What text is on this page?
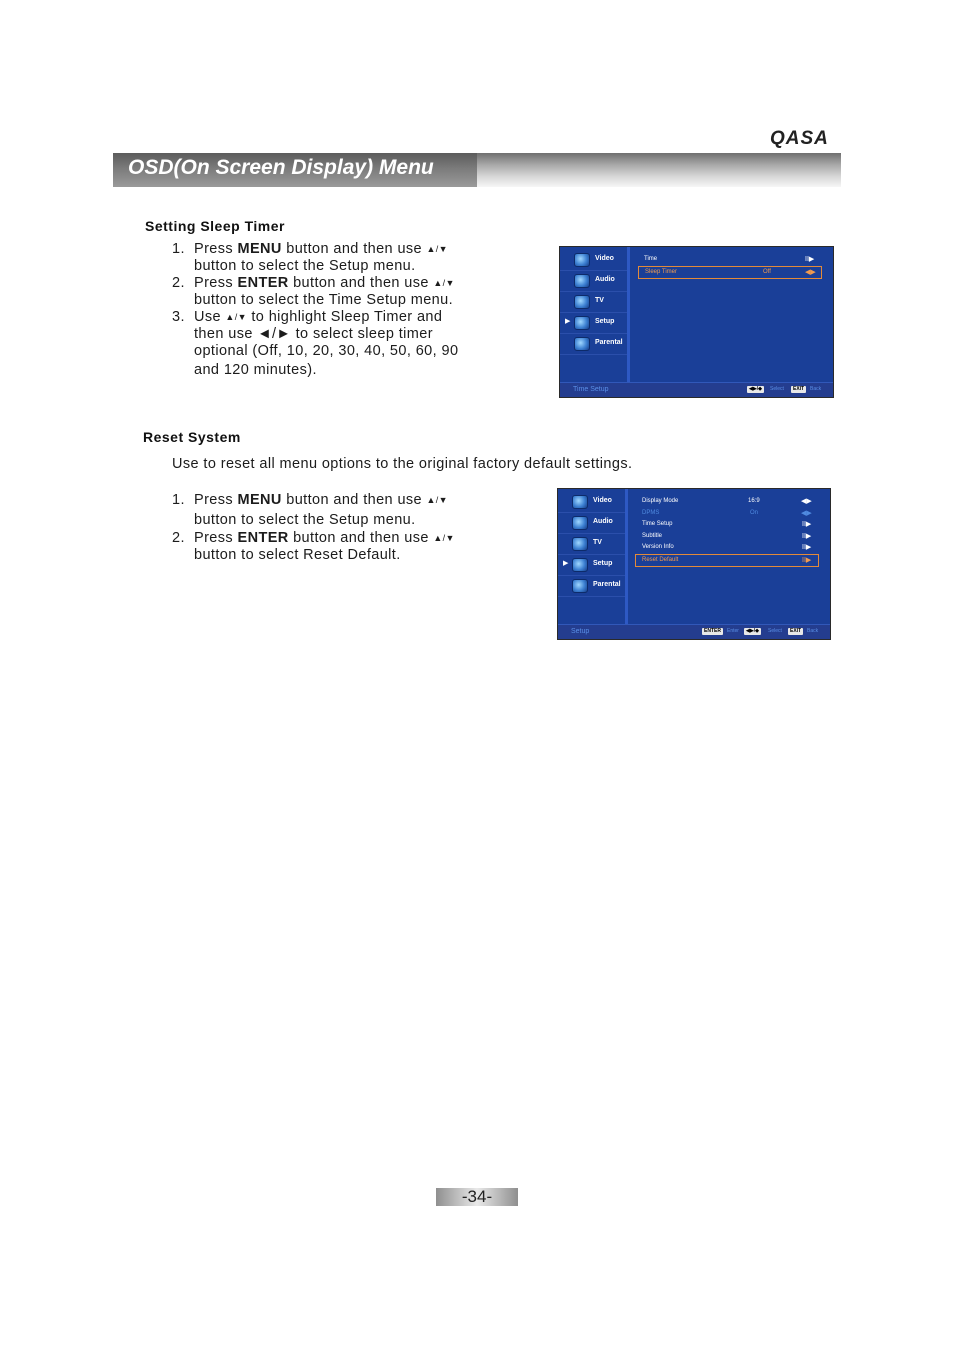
QASA
OSD(On Screen Display) Menu
Setting Sleep Timer
1. Press MENU button and then use ▲/▼
button to select the Setup menu.
2. Press ENTER button and then use ▲/▼
button to select the Time Setup menu.
3. Use ▲/▼ to highlight Sleep Timer and
then use ◄/► to select sleep timer
optional (Off, 10, 20, 30, 40, 50, 60, 90
and 120 minutes).
Video
Audio
TV
▶	Setup
Parental
Time	II▶
Sleep Timer	Off	◀▶
Time Setup	◀▶/◆	Select	EXIT	Back
Reset System
Use to reset all menu options to the original factory default settings.
1. Press MENU button and then use ▲/▼
button to select the Setup menu.
2. Press ENTER button and then use ▲/▼
button to select Reset Default.
Video
Audio
TV
▶	Setup
Parental
Display Mode	16:9	◀▶
DPMS	On	◀▶
Time Setup	II▶
Subtitle	II▶
Version Info	II▶
Reset Default	II▶
Setup	ENTER	Enter	◀▶/◆	Select	EXIT	Back
-34-
